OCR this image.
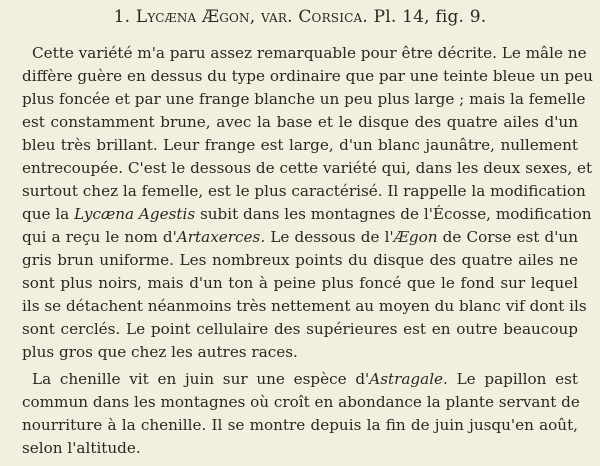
1. Lycæna Ægon, var. Corsica. Pl. 14, fig. 9.
Cette variété m'a paru assez remarquable pour être décrite. Le mâle ne
diffère guère en dessus du type ordinaire que par une teinte bleue un peu
plus foncée et par une frange blanche un peu plus large ; mais la femelle
est constamment brune, avec la base et le disque des quatre ailes d'un
bleu très brillant. Leur frange est large, d'un blanc jaunâtre, nullement
entrecoupée. C'est le dessous de cette variété qui, dans les deux sexes, et
surtout chez la femelle, est le plus caractérisé. Il rappelle la modification
que la Lycæna Agestis subit dans les montagnes de l'Écosse, modification
qui a reçu le nom d'Artaxerces. Le dessous de l'Ægon de Corse est d'un
gris brun uniforme. Les nombreux points du disque des quatre ailes ne
sont plus noirs, mais d'un ton à peine plus foncé que le fond sur lequel
ils se détachent néanmoins très nettement au moyen du blanc vif dont ils
sont cerclés. Le point cellulaire des supérieures est en outre beaucoup
plus gros que chez les autres races.
La chenille vit en juin sur une espèce d'Astragale. Le papillon est
commun dans les montagnes où croît en abondance la plante servant de
nourriture à la chenille. Il se montre depuis la fin de juin jusqu'en août,
selon l'altitude.
